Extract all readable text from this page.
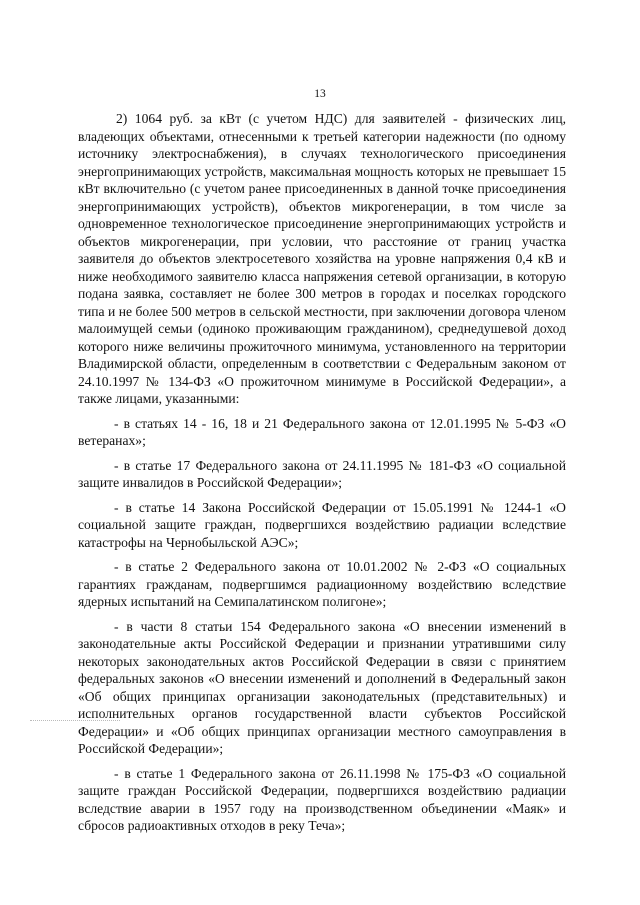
13

2) 1064 руб. за кВт (с учетом НДС) для заявителей - физических лиц, владеющих объектами, отнесенными к третьей категории надежности (по одному источнику электроснабжения), в случаях технологического присоединения энергопринимающих устройств, максимальная мощность которых не превышает 15 кВт включительно (с учетом ранее присоединенных в данной точке присоединения энергопринимающих устройств), объектов микрогенерации, в том числе за одновременное технологическое присоединение энергопринимающих устройств и объектов микрогенерации, при условии, что расстояние от границ участка заявителя до объектов электросетевого хозяйства на уровне напряжения 0,4 кВ и ниже необходимого заявителю класса напряжения сетевой организации, в которую подана заявка, составляет не более 300 метров в городах и поселках городского типа и не более 500 метров в сельской местности, при заключении договора членом малоимущей семьи (одиноко проживающим гражданином), среднедушевой доход которого ниже величины прожиточного минимума, установленного на территории Владимирской области, определенным в соответствии с Федеральным законом от 24.10.1997 № 134-ФЗ «О прожиточном минимуме в Российской Федерации», а также лицами, указанными:

- в статьях 14 - 16, 18 и 21 Федерального закона от 12.01.1995 № 5-ФЗ «О ветеранах»;

- в статье 17 Федерального закона от 24.11.1995 № 181-ФЗ «О социальной защите инвалидов в Российской Федерации»;

- в статье 14 Закона Российской Федерации от 15.05.1991 № 1244-1 «О социальной защите граждан, подвергшихся воздействию радиации вследствие катастрофы на Чернобыльской АЭС»;

- в статье 2 Федерального закона от 10.01.2002 № 2-ФЗ «О социальных гарантиях гражданам, подвергшимся радиационному воздействию вследствие ядерных испытаний на Семипалатинском полигоне»;

- в части 8 статьи 154 Федерального закона «О внесении изменений в законодательные акты Российской Федерации и признании утратившими силу некоторых законодательных актов Российской Федерации в связи с принятием федеральных законов «О внесении изменений и дополнений в Федеральный закон «Об общих принципах организации законодательных (представительных) и исполнительных органов государственной власти субъектов Российской Федерации» и «Об общих принципах организации местного самоуправления в Российской Федерации»;

- в статье 1 Федерального закона от 26.11.1998 № 175-ФЗ «О социальной защите граждан Российской Федерации, подвергшихся воздействию радиации вследствие аварии в 1957 году на производственном объединении «Маяк» и сбросов радиоактивных отходов в реку Теча»;
